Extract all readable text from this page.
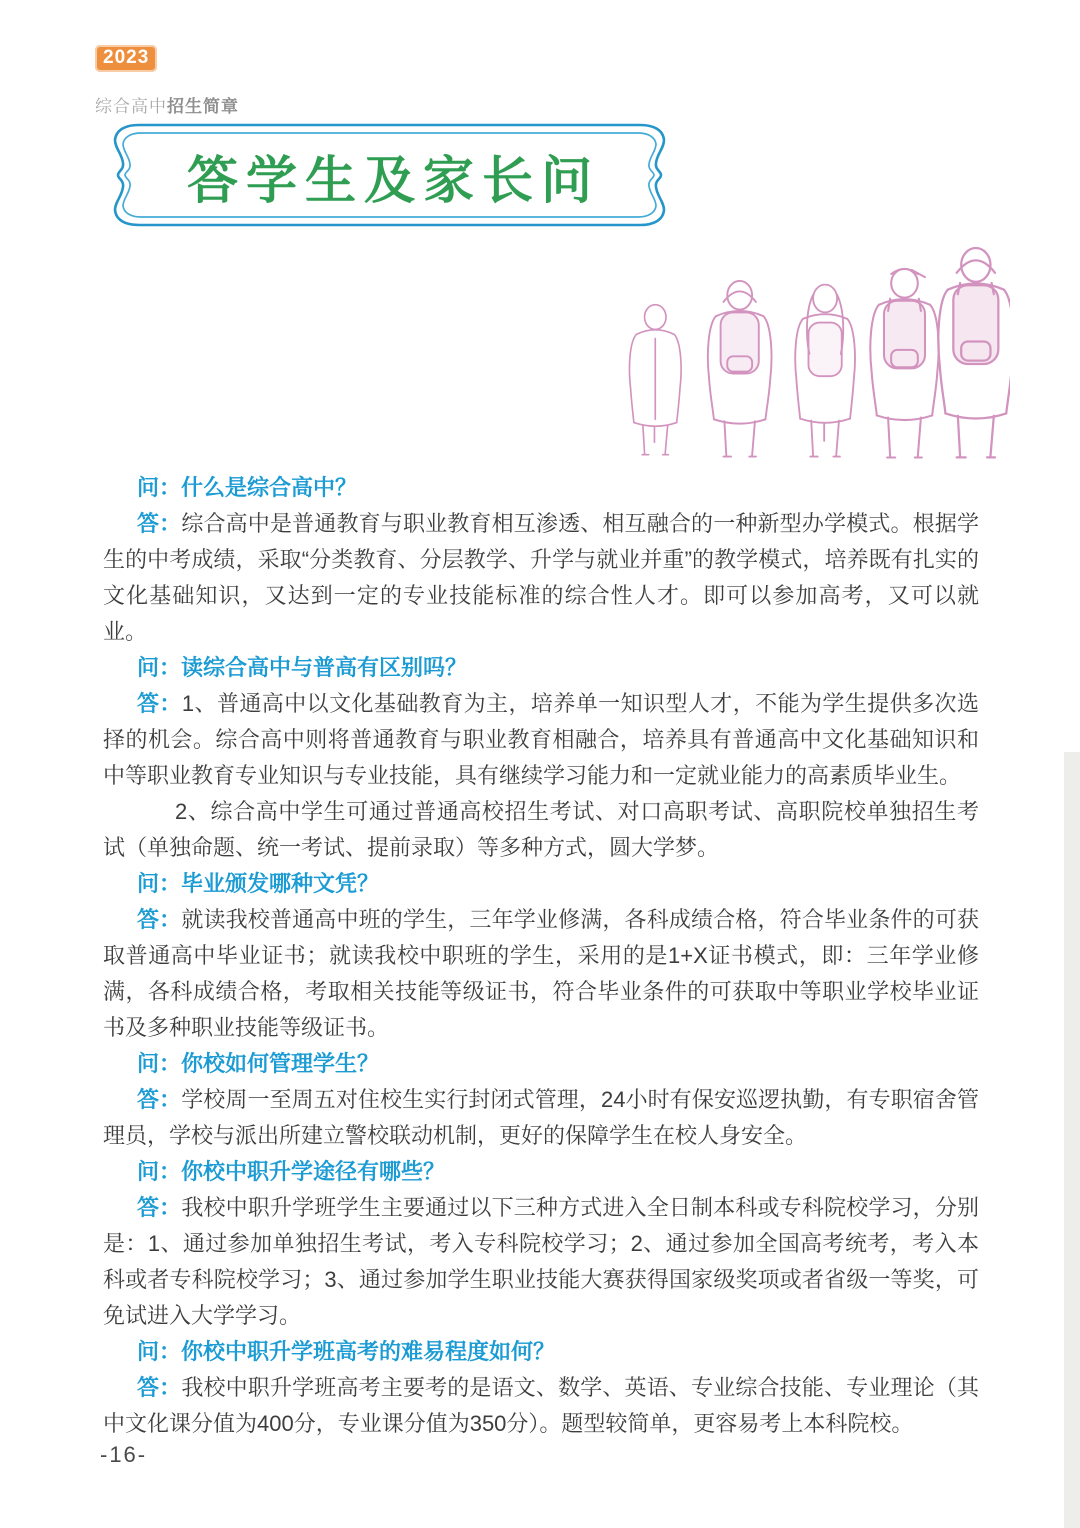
2023
综合高中招生简章
答学生及家长问

问：什么是综合高中？

答：综合高中是普通教育与职业教育相互渗透、相互融合的一种新型办学模式。根据学生的中考成绩，采取“分类教育、分层教学、升学与就业并重”的教学模式，培养既有扎实的文化基础知识，又达到一定的专业技能标准的综合性人才。即可以参加高考，又可以就业。

问：读综合高中与普高有区别吗？

答：1、普通高中以文化基础教育为主，培养单一知识型人才，不能为学生提供多次选择的机会。综合高中则将普通教育与职业教育相融合，培养具有普通高中文化基础知识和中等职业教育专业知识与专业技能，具有继续学习能力和一定就业能力的高素质毕业生。

2、综合高中学生可通过普通高校招生考试、对口高职考试、高职院校单独招生考试（单独命题、统一考试、提前录取）等多种方式，圆大学梦。

问：毕业颁发哪种文凭？

答：就读我校普通高中班的学生，三年学业修满，各科成绩合格，符合毕业条件的可获取普通高中毕业证书；就读我校中职班的学生，采用的是1+X证书模式，即：三年学业修满，各科成绩合格，考取相关技能等级证书，符合毕业条件的可获取中等职业学校毕业证书及多种职业技能等级证书。

问：你校如何管理学生？

答：学校周一至周五对住校生实行封闭式管理，24小时有保安巡逻执勤，有专职宿舍管理员，学校与派出所建立警校联动机制，更好的保障学生在校人身安全。

问：你校中职升学途径有哪些？

答：我校中职升学班学生主要通过以下三种方式进入全日制本科或专科院校学习，分别是：1、通过参加单独招生考试，考入专科院校学习；2、通过参加全国高考统考，考入本科或者专科院校学习；3、通过参加学生职业技能大赛获得国家级奖项或者省级一等奖，可免试进入大学学习。

问：你校中职升学班高考的难易程度如何？

答：我校中职升学班高考主要考的是语文、数学、英语、专业综合技能、专业理论（其中文化课分值为400分，专业课分值为350分）。题型较简单，更容易考上本科院校。

-16-
